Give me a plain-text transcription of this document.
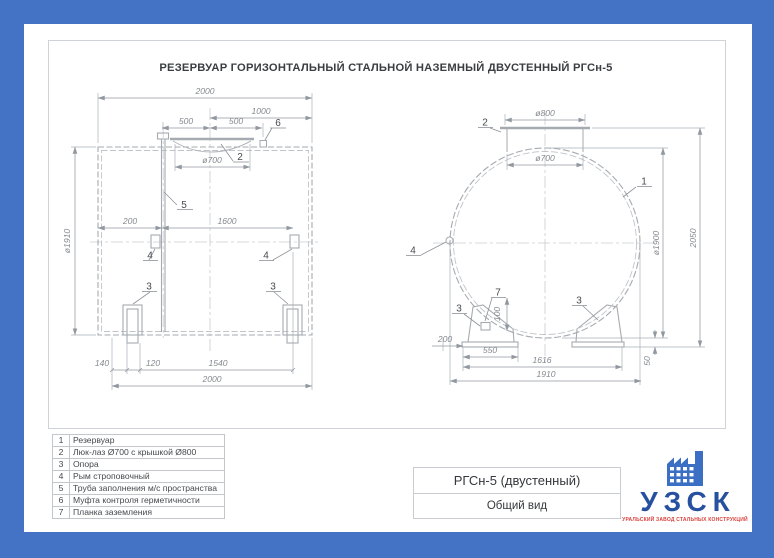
РЕЗЕРВУАР ГОРИЗОНТАЛЬНЫЙ СТАЛЬНОЙ НАЗЕМНЫЙ ДВУСТЕННЫЙ РГСн-5
2000
1000
500	500
ø700
ø1910
200	1600
140	120	1540
2000
5
2
6
4	4
3	3
ø800
ø700
ø1900	2050
100
200
550
1616
1910
50
1
2
4
3
3
7
1	Резервуар
2	Люк-лаз Ø700 с крышкой Ø800
3	Опора
4	Рым строповочный
5	Труба заполнения м/с пространства
6	Муфта контроля герметичности
7	Планка заземления
РГСн-5 (двустенный)
Общий вид	УЗСК
УРАЛЬСКИЙ ЗАВОД СТАЛЬНЫХ КОНСТРУКЦИЙ
